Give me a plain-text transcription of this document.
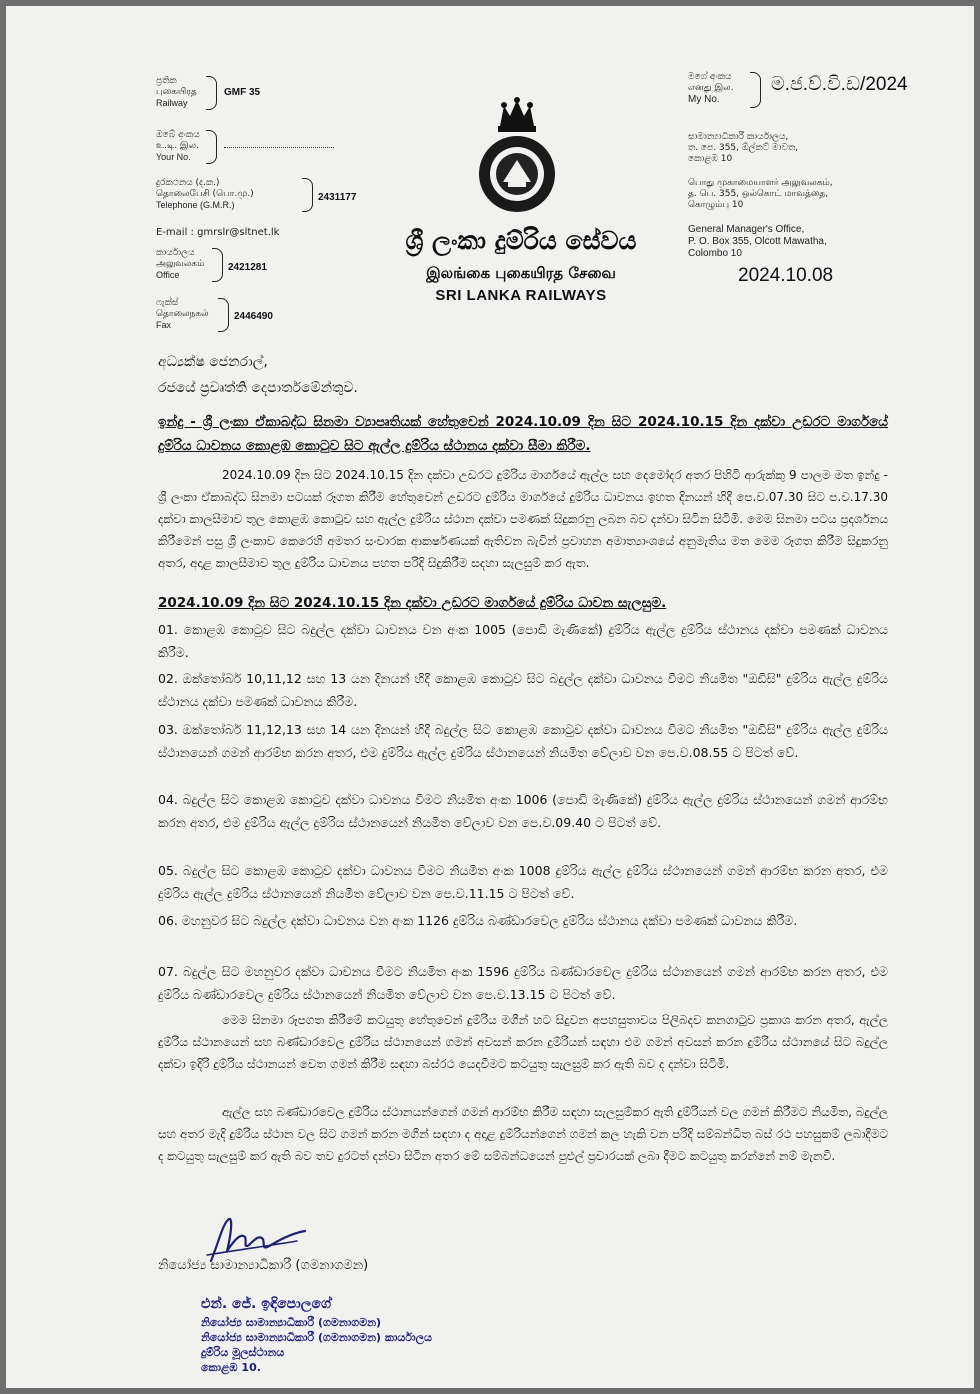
ප්‍රතික
புகையிரத
Railway
GMF 35
ඔබේ අංකය
உ.டி. இல.
Your No.
දුරකථනය (ද.ක.)
தொலைபேசி (பொ.மு.)
Telephone (G.M.R.)
2431177
E-mail : gmrslr@sltnet.lk
කාර්යාලය
அலுவலகம்
Office
2421281
ෆැක්ස්
தொலைநகல்
Fax
2446490
ශ්‍රී ලංකා දුම්රිය සේවය
இலங்கை புகையிரத சேவை
SRI LANKA RAILWAYS
මගේ අංකය
எனது இல.
My No.
ම.ජ.ව්.වි.ඩ/2024
සාමාන්‍යාධිකාරී කාර්යාලය,
ත. පෙ. 355, ඕල්කට් මාවත,
කොළඹ 10
பொது முகாமையாளர் அலுவலகம்,
த. பெ. 355, ஒல்கொட் மாவத்தை,
கொழும்பு 10
General Manager's Office,
P. O. Box 355, Olcott Mawatha,
Colombo 10
2024.10.08
අධ්‍යක්ෂ ජෙනරාල්,
රජයේ ප්‍රවෘත්ති දෙපාර්තමේන්තුව.
ඉන්දු - ශ්‍රී ලංකා ඒකාබද්ධ සිනමා ව්‍යාපෘතියක් හේතුවෙන් 2024.10.09 දින සිට 2024.10.15 දින දක්වා උඩරට මාර්ගයේ දුම්රිය ධාවනය කොළඹ කොටුව සිට ඇල්ල දුම්රිය ස්ථානය දක්වා සීමා කිරීම.
2024.10.09 දින සිට 2024.10.15 දින දක්වා උඩරට දුම්රිය මාර්ගයේ ඇල්ල සහ දෙමෝදර අතර පිහිටි ආරුක්කු 9 පාලම මත ඉන්දු - ශ්‍රී ලංකා ඒකාබද්ධ සිනමා පටයක් රූගත කිරීම හේතුවෙන් උඩරට දුම්රිය මාර්ගයේ දුම්රිය ධාවනය ඉහත දිනයන් හිදී පෙ.ව.07.30 සිට ප.ව.17.30 දක්වා කාලසීමාව තුල කොළඹ කොටුව සහ ඇල්ල දුම්රිය ස්ථාන දක්වා පමණක් සිදුකරනු ලබන බව දන්වා සිටින සිටිමි. මෙම සිනමා පටය ප්‍රදර්ශනය කිරීමෙන් පසු ශ්‍රී ලංකාව කෙරෙහි අමතර සංචාරක ආකර්ෂණයක් ඇතිවන බැවින් ප්‍රවාහන අමාත්‍යාංශයේ අනුමැතිය මත මෙම රූගත කිරීම සිදුකරනු අතර, අදාළ කාලසීමාව තුල දුම්රිය ධාවනය පහත පරිදි සිදුකිරීම සදහා සැලසුම් කර ඇත.
2024.10.09 දින සිට 2024.10.15 දින දක්වා උඩරට මාර්ගයේ දුම්රිය ධාවන සැලසුම.
01. කොළඹ කොටුව සිට බදුල්ල දක්වා ධාවනය වන අංක 1005 (පොඩි මැණිකේ) දුම්රිය ඇල්ල දුම්රිය ස්ථානය දක්වා පමණක් ධාවනය කිරීම.
02. ඔක්තෝබර් 10,11,12 සහ 13 යන දිනයන් හිදී කොළඹ කොටුව සිට බදුල්ල දක්වා ධාවනය වීමට නියමිත "ඔඩිසි" දුම්රිය ඇල්ල දුම්රිය ස්ථානය දක්වා පමණක් ධාවනය කිරීම.
03. ඔක්තෝබර් 11,12,13 සහ 14 යන දිනයන් හිදී බදුල්ල සිට කොළඹ කොටුව දක්වා ධාවනය වීමට නියමිත "ඔඩිසි" දුම්රිය ඇල්ල දුම්රිය ස්ථානයෙන් ගමන් ආරම්භ කරන අතර, එම දුම්රිය ඇල්ල දුම්රිය ස්ථානයෙන් නියමිත වේලාව වන පෙ.ව.08.55 ට පිටත් වේ.
04. බදුල්ල සිට කොළඹ කොටුව දක්වා ධාවනය වීමට නියමිත අංක 1006 (පොඩි මැණිකේ) දුම්රිය ඇල්ල දුම්රිය ස්ථානයෙන් ගමන් ආරම්භ කරන අතර, එම දුම්රිය ඇල්ල දුම්රිය ස්ථානයෙන් නියමිත වේලාව වන පෙ.ව.09.40 ට පිටත් වේ.
05. බදුල්ල සිට කොළඹ කොටුව දක්වා ධාවනය වීමට නියමිත අංක 1008 දුම්රිය ඇල්ල දුම්රිය ස්ථානයෙන් ගමන් ආරම්භ කරන අතර, එම දුම්රිය ඇල්ල දුම්රිය ස්ථානයෙන් නියමිත වේලාව වන පෙ.ව.11.15 ට පිටත් වේ.
06. මහනුවර සිට බදුල්ල දක්වා ධාවනය වන අංක 1126 දුම්රිය බණ්ඩාරවෙල දුම්රිය ස්ථානය දක්වා පමණක් ධාවනය කිරීම.
07. බදුල්ල සිට මහනුවර දක්වා ධාවනය වීමට නියමිත අංක 1596 දුම්රිය බණ්ඩාරවෙල දුම්රිය ස්ථානයෙන් ගමන් ආරම්භ කරන අතර, එම දුම්රිය බණ්ඩාරවෙල දුම්රිය ස්ථානයෙන් නියමිත වේලාව වන පෙ.ව.13.15 ට පිටත් වේ.
මෙම සිනමා රූපගත කිරීමේ කටයුතු හේතුවෙන් දුම්රිය මගීන් හට සිදුවන අපහසුතාවය පිලිබදව කනගාටුව ප්‍රකාශ කරන අතර, ඇල්ල දුම්රිය ස්ථානයෙන් සහ බණ්ඩාරවෙල දුම්රිය ස්ථානයෙන් ගමන් අවසන් කරන දුම්රියන් සඳහා එම ගමන් අවසන් කරන දුම්රිය ස්ථානයේ සිට බදුල්ල දක්වා ඉදිරි දුම්රිය ස්ථානයන් වෙත ගමන් කිරීම සඳහා බස්රථ යෙදවීමට කටයුතු සැලසුම් කර ඇති බව ද දන්වා සිටිමි.
ඇල්ල සහ බණ්ඩාරවෙල දුම්රිය ස්ථානයන්ගෙන් ගමන් ආරම්භ කිරීම සඳහා සැලසුම්කර ඇති දුම්රියන් වල ගමන් කිරීමට නියමිත, බදුල්ල සහ අතර මැදි දුම්රිය ස්ථාන වල සිට ගමන් කරන මගීන් සඳහා ද අදාළ දුම්රියන්ගෙන් ගමන් කල හැකි වන පරිදි සම්බන්ධිත බස් රථ පහසුකම් ලබාදීමට ද කටයුතු සැලසුම් කර ඇති බව තව දුරටත් දන්වා සිටින අතර මේ සම්බන්ධයෙන් පුළුල් ප්‍රචාරයක් ලබා දීමට කටයුතු කරන්නේ නම් මැනවි.
නියෝජ්‍ය සාමාන්‍යාධිකාරී (ගමනාගමන)
එන්. ජේ. ඉඳිපොලගේ
නියෝජ්‍ය සාමාන්‍යාධිකාරී (ගමනාගමන)
නියෝජ්‍ය සාමාන්‍යාධිකාරී (ගමනාගමන) කාර්යාලය
දුම්රිය මූලස්ථානය
කොළඹ 10.
